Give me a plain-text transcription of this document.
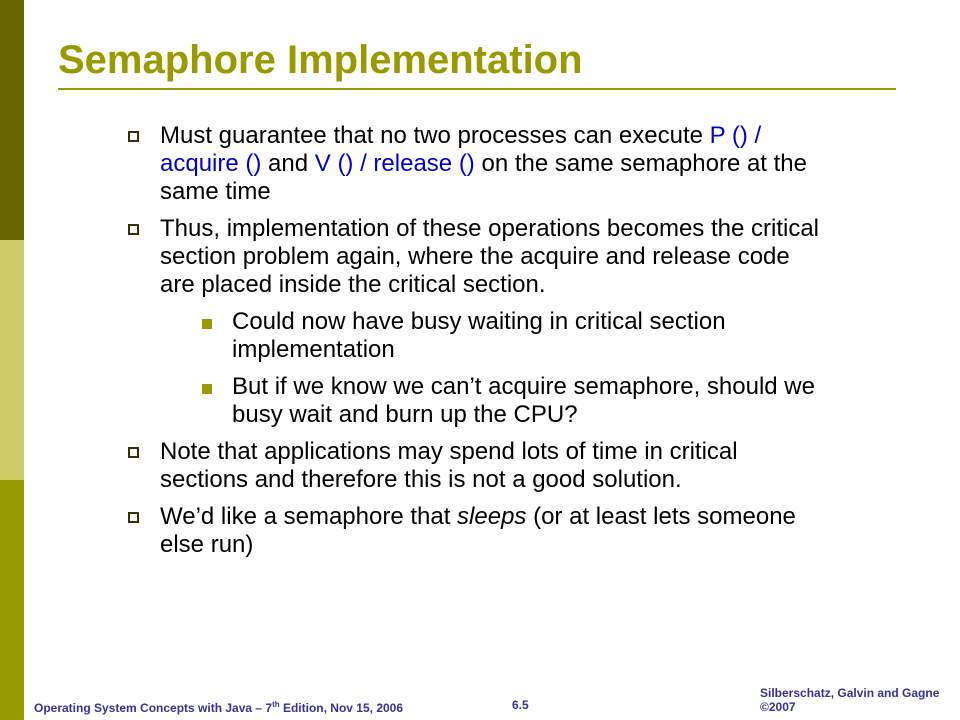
Semaphore Implementation
Must guarantee that no two processes can execute P () / acquire () and V () / release () on the same semaphore at the same time
Thus, implementation of these operations becomes the critical section problem again, where the acquire and release code are placed inside the critical section.
Could now have busy waiting in critical section implementation
But if we know we can’t acquire semaphore, should we busy wait and burn up the CPU?
Note that applications may spend lots of time in critical sections and therefore this is not a good solution.
We’d like a semaphore that sleeps (or at least lets someone else run)
Operating System Concepts with Java – 7th Edition, Nov 15, 2006	6.5
Silberschatz, Galvin and Gagne ©2007
